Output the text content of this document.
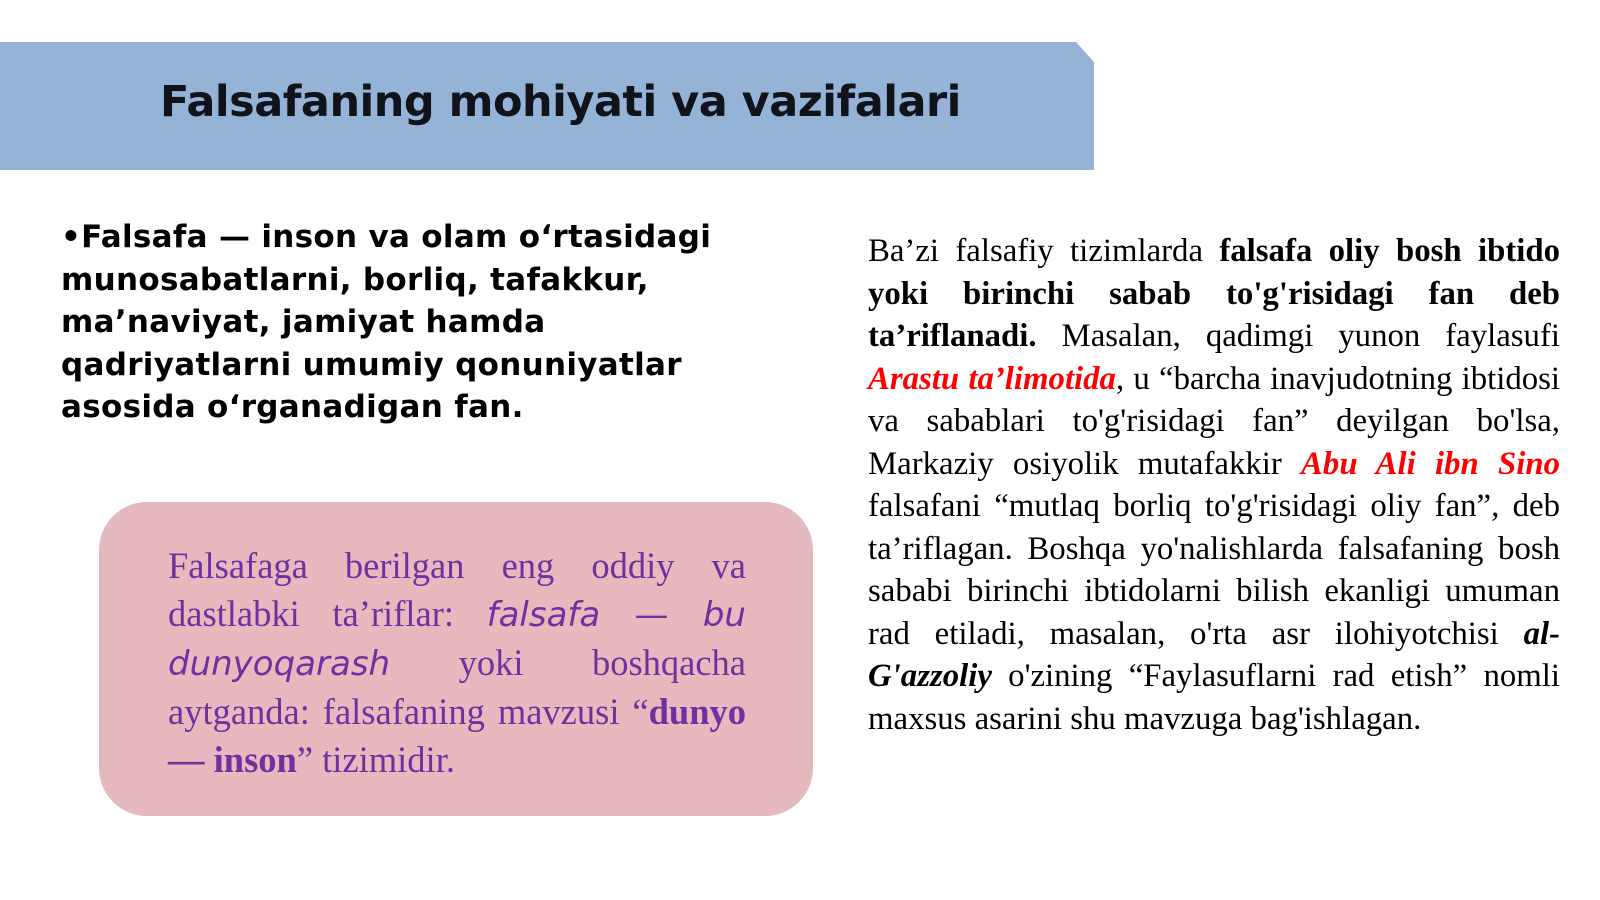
Falsafaning mohiyati va vazifalari
•Falsafa — inson va olam o‘rtasidagi munosabatlarni, borliq, tafakkur, ma’naviyat, jamiyat hamda qadriyatlarni umumiy qonuniyatlar asosida o‘rganadigan fan.
Falsafaga berilgan eng oddiy va dastlabki ta’riflar: falsafa — bu dunyoqarash yoki boshqacha aytganda: falsafaning mavzusi “dunyo — inson” tizimidir.
Ba’zi falsafiy tizimlarda falsafa oliy bosh ibtido yoki birinchi sabab to'g'risidagi fan deb ta’riflanadi. Masalan, qadimgi yunon faylasufi Arastu ta’limotida, u “barcha inavjudotning ibtidosi va sabablari to'g'risidagi fan” deyilgan bo'lsa, Markaziy osiyolik mutafakkir Abu Ali ibn Sino falsafani “mutlaq borliq to'g'risidagi oliy fan”, deb ta’riflagan. Boshqa yo'nalishlarda falsafaning bosh sababi birinchi ibtidolarni bilish ekanligi umuman rad etiladi, masalan, o'rta asr ilohiyotchisi al-G'azzoliy o'zining “Faylasuflarni rad etish” nomli maxsus asarini shu mavzuga bag'ishlagan.
